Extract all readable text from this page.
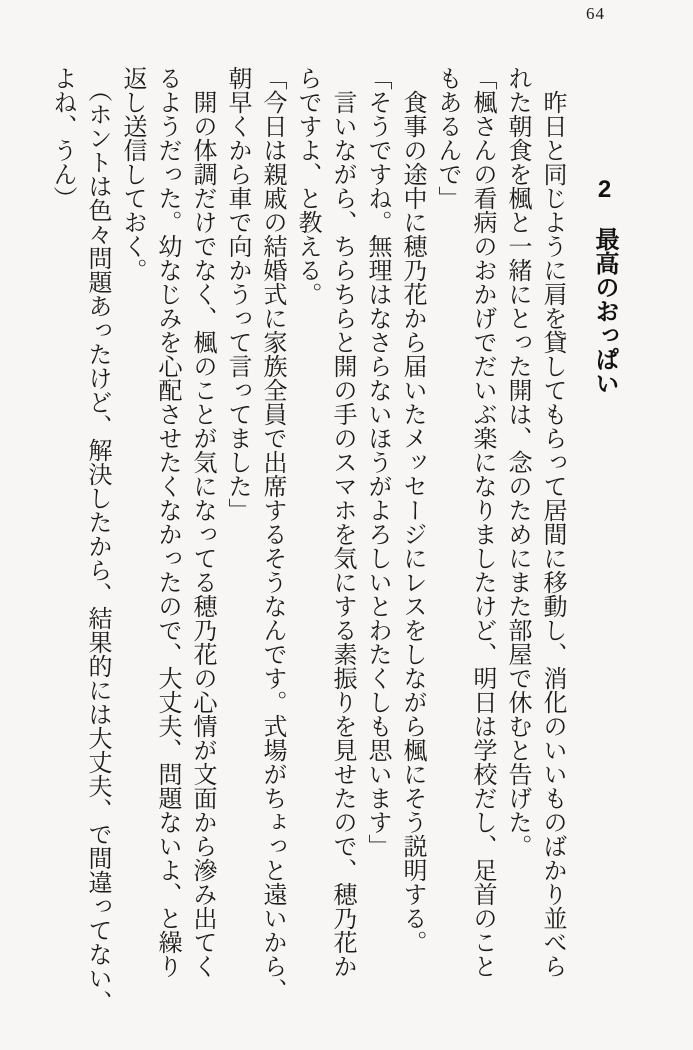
64
2　最高のおっぱい
　昨日と同じように肩を貸してもらって居間に移動し、消化のいいものばかり並べら
れた朝食を楓と一緒にとった開は、念のためにまた部屋で休むと告げた。
「楓さんの看病のおかげでだいぶ楽になりましたけど、明日は学校だし、足首のこと
もあるんで」
　食事の途中に穂乃花から届いたメッセージにレスをしながら楓にそう説明する。
「そうですね。無理はなさらないほうがよろしいとわたくしも思います」
　言いながら、ちらちらと開の手のスマホを気にする素振りを見せたので、穂乃花か
らですよ、と教える。
「今日は親戚の結婚式に家族全員で出席するそうなんです。式場がちょっと遠いから、
朝早くから車で向かうって言ってました」
　開の体調だけでなく、楓のことが気になってる穂乃花の心情が文面から滲み出てく
るようだった。幼なじみを心配させたくなかったので、大丈夫、問題ないよ、と繰り
返し送信しておく。
　（ホントは色々問題あったけど、解決したから、結果的には大丈夫、で間違ってない、
よね、うん）
